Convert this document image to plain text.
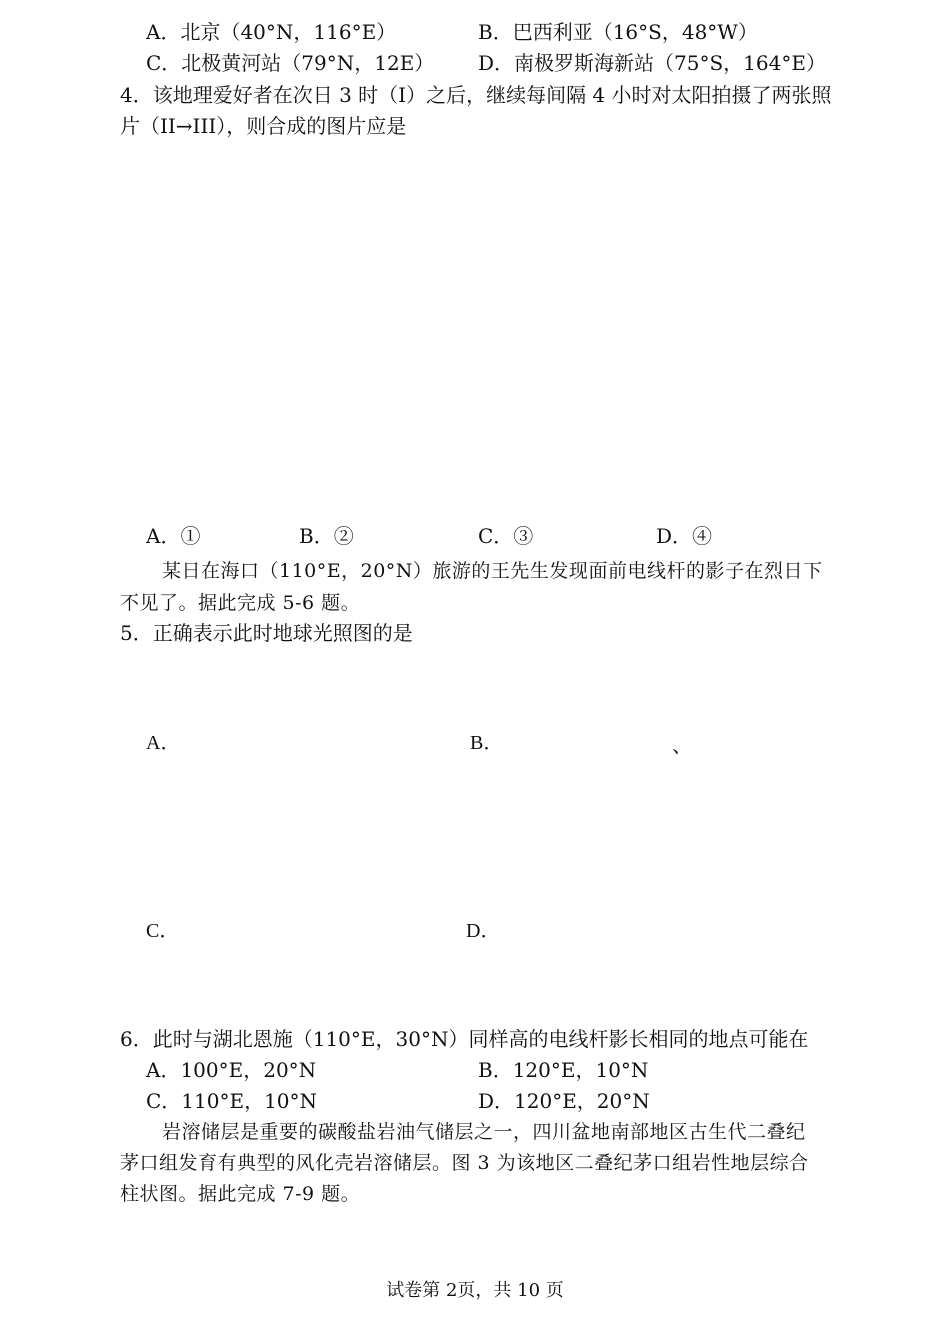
A．北京（40°N，116°E）	B．巴西利亚（16°S，48°W）
C．北极黄河站（79°N，12E） D．南极罗斯海新站（75°S，164°E）
4．该地理爱好者在次日 3 时（I）之后，继续每间隔 4 小时对太阳拍摄了两张照
片（II→III），则合成的图片应是
A．①	B．②	C．③	D．④
某日在海口（110°E，20°N）旅游的王先生发现面前电线杆的影子在烈日下
不见了。据此完成 5-6 题。
5．正确表示此时地球光照图的是
A．	B．	、
C．	D．
6．此时与湖北恩施（110°E，30°N）同样高的电线杆影长相同的地点可能在
A．100°E，20°N	B．120°E，10°N
C．110°E，10°N	D．120°E，20°N
岩溶储层是重要的碳酸盐岩油气储层之一，四川盆地南部地区古生代二叠纪
茅口组发育有典型的风化壳岩溶储层。图 3 为该地区二叠纪茅口组岩性地层综合
柱状图。据此完成 7-9 题。
试卷第 2页，共 10 页
